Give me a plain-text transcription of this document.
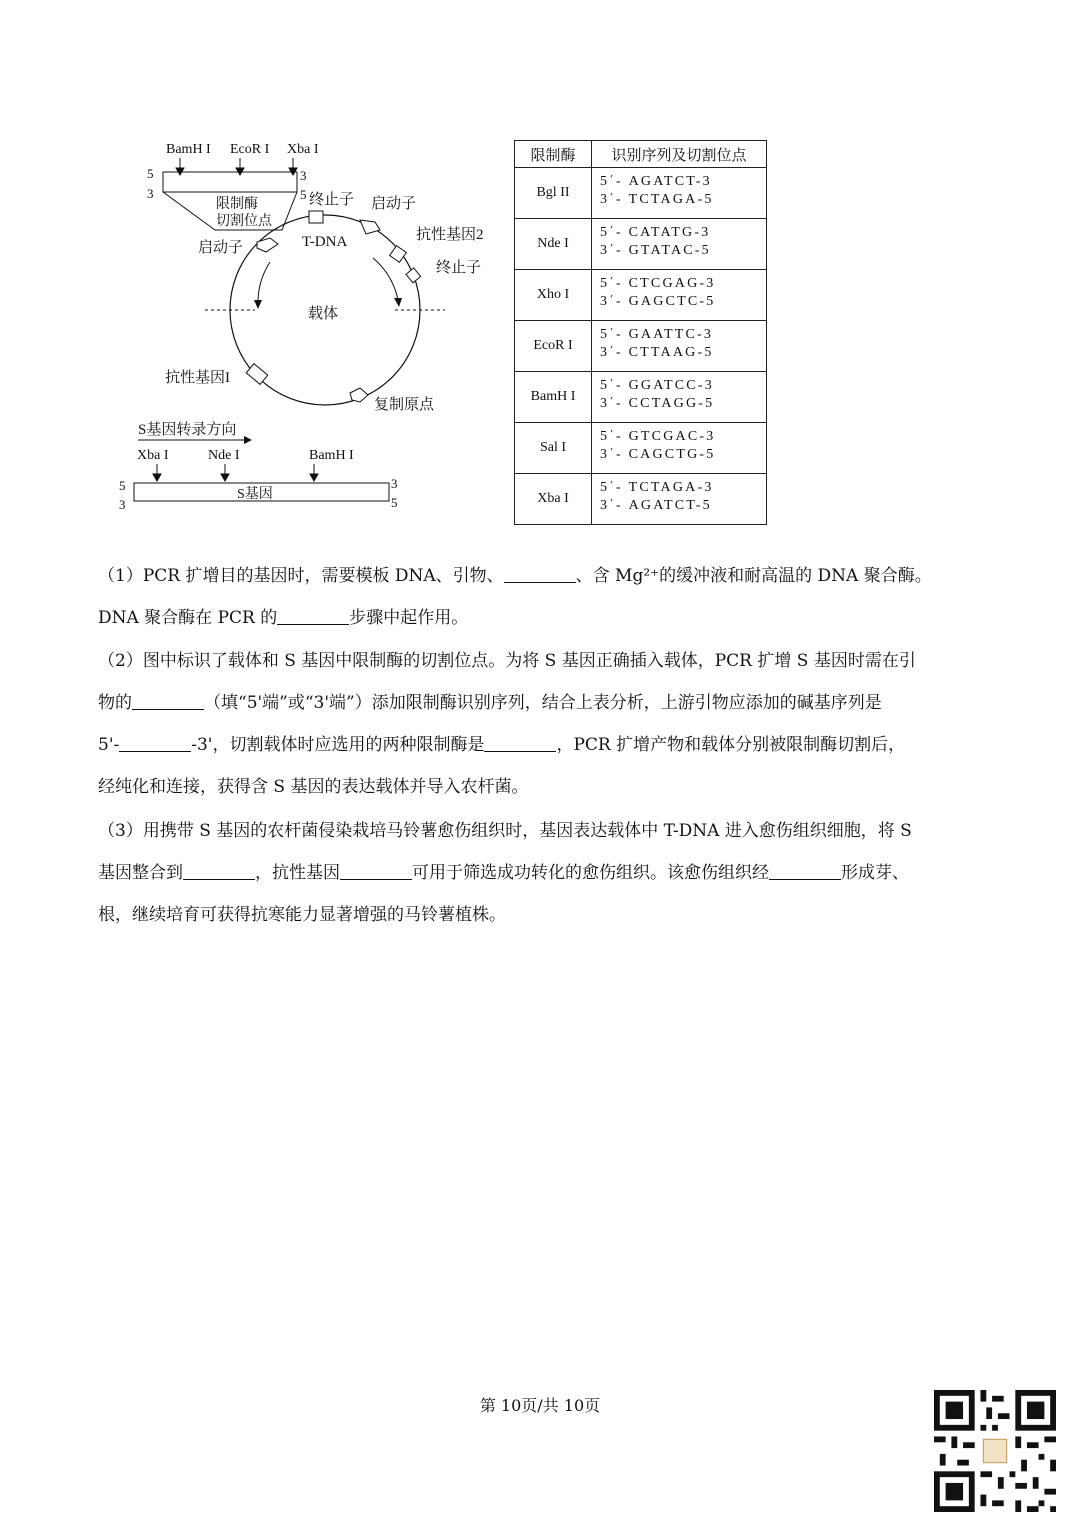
BamH I EcoR I Xba I
5
3
3
5
限制酶
切割位点
终止子 启动子
T-DNA
启动子
抗性基因2
终止子
载体
抗性基因I
复制原点
S基因转录方向
Xba I	Nde I	BamH I
S基因
5
3
3
5
限制酶	识别序列及切割位点
Bgl II	5΄- AGATCT-3
3΄- TCTAGA-5

Nde I	5΄- CATATG-3
3΄- GTATAC-5

Xho I	5΄- CTCGAG-3
3΄- GAGCTC-5

EcoR I	5΄- GAATTC-3
3΄- CTTAAG-5

BamH I	5΄- GGATCC-3
3΄- CCTAGG-5

Sal I	5΄- GTCGAC-3
3΄- CAGCTG-5

Xba I	5΄- TCTAGA-3
3΄- AGATCT-5
（1）PCR 扩增目的基因时，需要模板 DNA、引物、	、含 Mg²⁺的缓冲液和耐高温的 DNA 聚合酶。
DNA 聚合酶在 PCR 的	步骤中起作用。
（2）图中标识了载体和 S 基因中限制酶的切割位点。为将 S 基因正确插入载体，PCR 扩增 S 基因时需在引
物的	（填“5'端”或“3'端”）添加限制酶识别序列，结合上表分析，上游引物应添加的碱基序列是
5'-	-3'，切割载体时应选用的两种限制酶是	，PCR 扩增产物和载体分别被限制酶切割后，
经纯化和连接，获得含 S 基因的表达载体并导入农杆菌。
（3）用携带 S 基因的农杆菌侵染栽培马铃薯愈伤组织时，基因表达载体中 T-DNA 进入愈伤组织细胞，将 S
基因整合到	，抗性基因	可用于筛选成功转化的愈伤组织。该愈伤组织经	形成芽、
根，继续培育可获得抗寒能力显著增强的马铃薯植株。
第 10页/共 10页
